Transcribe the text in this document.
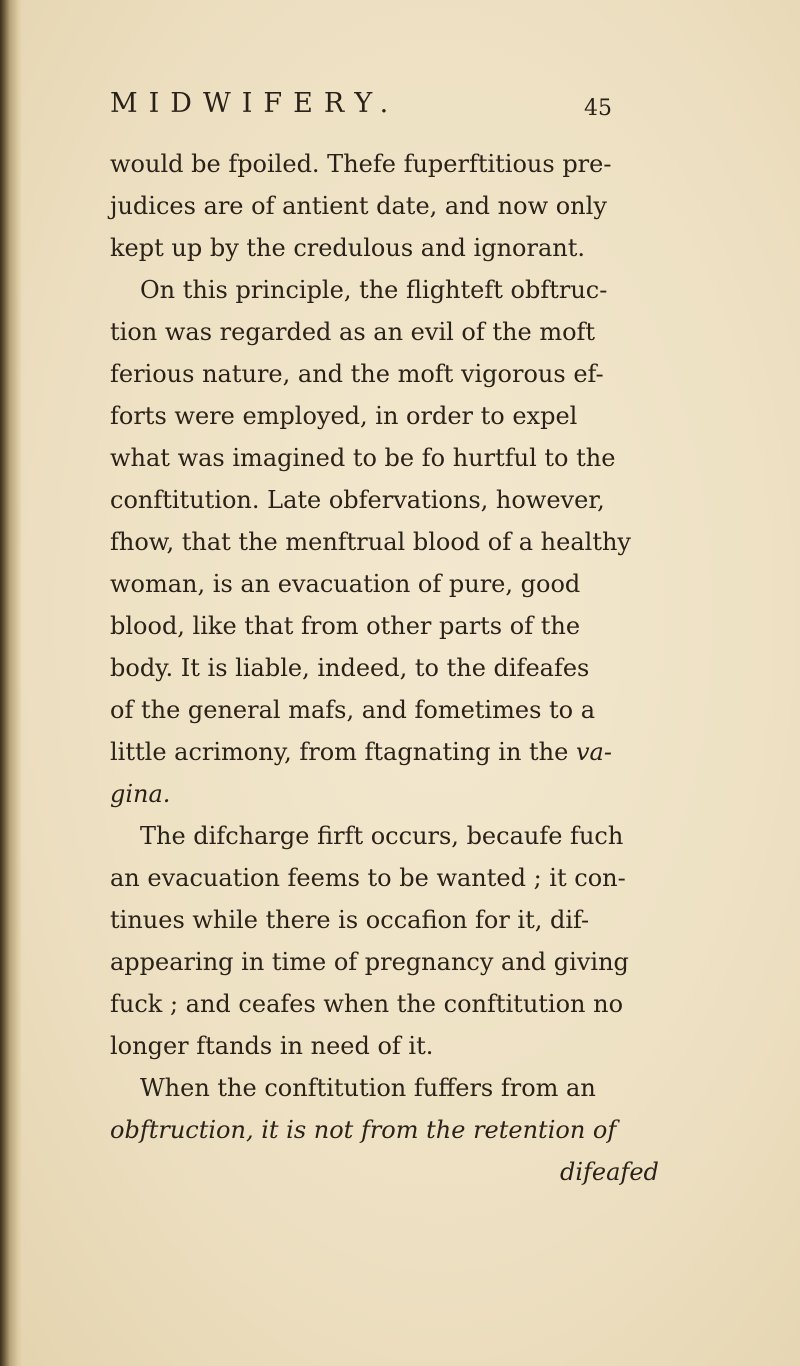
MIDWIFERY.	45
would be fpoiled. Thefe fuperftitious pre-
judices are of antient date, and now only
kept up by the credulous and ignorant.
On this principle, the flighteft obftruc-
tion was regarded as an evil of the moft
ferious nature, and the moft vigorous ef-
forts were employed, in order to expel
what was imagined to be fo hurtful to the
conftitution. Late obfervations, however,
fhow, that the menftrual blood of a healthy
woman, is an evacuation of pure, good
blood, like that from other parts of the
body. It is liable, indeed, to the difeafes
of the general mafs, and fometimes to a
little acrimony, from ftagnating in the va-
gina.
The difcharge firft occurs, becaufe fuch
an evacuation feems to be wanted ; it con-
tinues while there is occafion for it, dif-
appearing in time of pregnancy and giving
fuck ; and ceafes when the conftitution no
longer ftands in need of it.
When the conftitution fuffers from an
obftruction, it is not from the retention of
difeafed
